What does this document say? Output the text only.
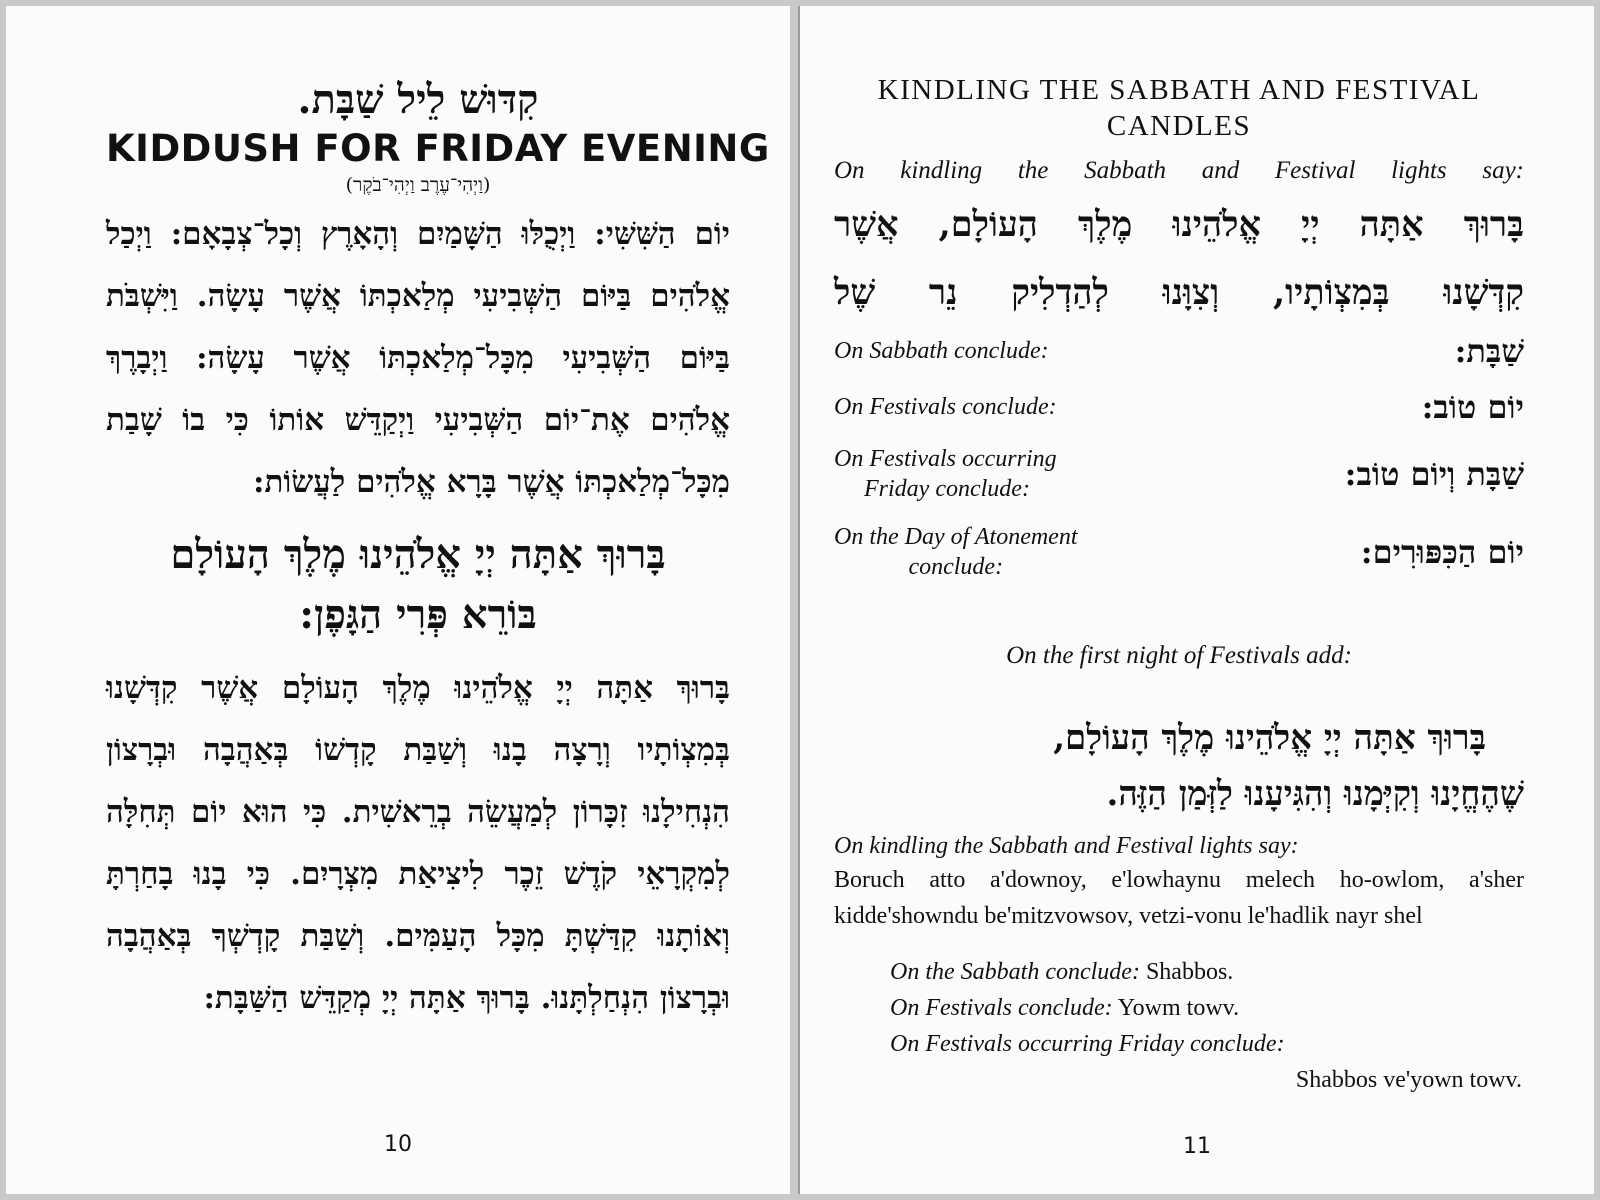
קִדּוּשׁ לֵיל שַׁבָּת.
KIDDUSH FOR FRIDAY EVENING
(וַיְהִי־עֶרֶב וַיְהִי־בֹקֶר)
יוֹם הַשִּׁשִּׁי: וַיְכֻלּוּ הַשָּׁמַיִם וְהָאָרֶץ וְכָל־צְבָאָם: וַיְכַל אֱלֹהִים בַּיּוֹם הַשְּׁבִיעִי מְלַאכְתּוֹ אֲשֶׁר עָשָׂה. וַיִּשְׁבֹּת בַּיּוֹם הַשְּׁבִיעִי מִכָּל־מְלַאכְתּוֹ אֲשֶׁר עָשָׂה: וַיְבָרֶךְ אֱלֹהִים אֶת־יוֹם הַשְּׁבִיעִי וַיְקַדֵּשׁ אוֹתוֹ כִּי בוֹ שָׁבַת מִכָּל־מְלַאכְתּוֹ אֲשֶׁר בָּרָא אֱלֹהִים לַעֲשׂוֹת:
בָּרוּךְ אַתָּה יְיָ אֱלֹהֵינוּ מֶלֶךְ הָעוֹלָם
בּוֹרֵא פְּרִי הַגָּפֶן:
בָּרוּךְ אַתָּה יְיָ אֱלֹהֵינוּ מֶלֶךְ הָעוֹלָם אֲשֶׁר קִדְּשָׁנוּ בְּמִצְוֹתָיו וְרָצָה בָנוּ וְשַׁבַּת קָדְשׁוֹ בְּאַהֲבָה וּבְרָצוֹן הִנְחִילָנוּ זִכָּרוֹן לְמַעֲשֵׂה בְרֵאשִׁית. כִּי הוּא יוֹם תְּחִלָּה לְמִקְרָאֵי קֹדֶשׁ זֵכֶר לִיצִיאַת מִצְרָיִם. כִּי בָנוּ בָחַרְתָּ וְאוֹתָנוּ קִדַּשְׁתָּ מִכָּל הָעַמִּים. וְשַׁבַּת קָדְשְׁךָ בְּאַהֲבָה וּבְרָצוֹן הִנְחַלְתָּנוּ. בָּרוּךְ אַתָּה יְיָ מְקַדֵּשׁ הַשַּׁבָּת:
10
KINDLING THE SABBATH AND FESTIVAL
CANDLES
On kindling the Sabbath and Festival lights say:
בָּרוּךְ אַתָּה יְיָ אֱלֹהֵינוּ מֶלֶךְ הָעוֹלָם, אֲשֶׁר
קִדְּשָׁנוּ בְּמִצְוֹתָיו, וְצִוָּנוּ לְהַדְלִיק נֵר שֶׁל
On Sabbath conclude:	שַׁבָּת:
On Festivals conclude:	יוֹם טוֹב:
On Festivals occurring
Friday conclude:	שַׁבָּת וְיוֹם טוֹב:
On the Day of Atonement
conclude:	יוֹם הַכִּפּוּרִים:
On the first night of Festivals add:
בָּרוּךְ אַתָּה יְיָ אֱלֹהֵינוּ מֶלֶךְ הָעוֹלָם,
שֶׁהֶחֱיָנוּ וְקִיְּמָנוּ וְהִגִּיעָנוּ לַזְּמַן הַזֶּה.
On kindling the Sabbath and Festival lights say:

Boruch atto a'downoy, e'lowhaynu melech ho-owlom, a'sher kidde'showndu be'mitzvowsov, vetzi-vonu le'hadlik nayr shel

On the Sabbath conclude: Shabbos.
On Festivals conclude: Yowm towv.
On Festivals occurring Friday conclude:
Shabbos ve'yown towv.
11
